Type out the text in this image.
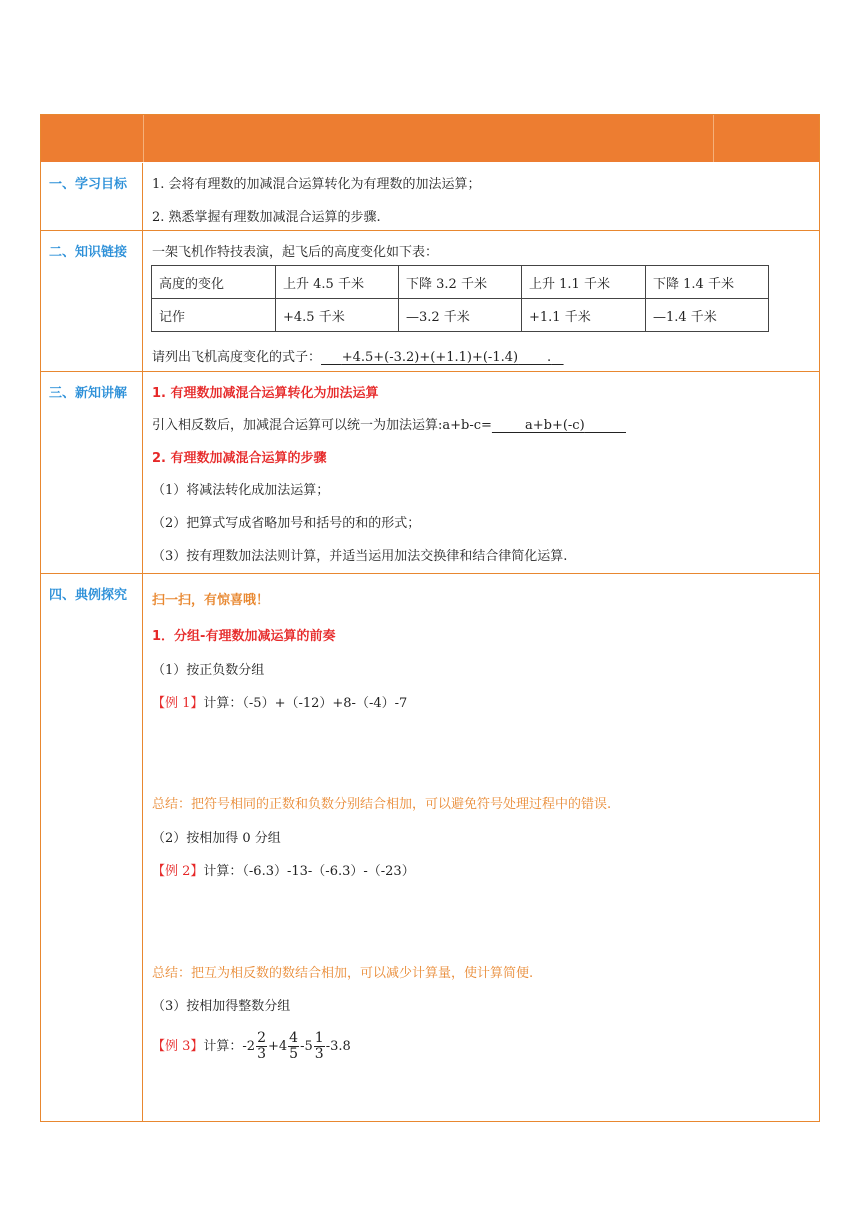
一、学习目标	1. 会将有理数的加减混合运算转化为有理数的加法运算；
2. 熟悉掌握有理数加减混合运算的步骤.
二、知识链接	一架飞机作特技表演，起飞后的高度变化如下表：
高度的变化	上升 4.5 千米	下降 3.2 千米	上升 1.1 千米	下降 1.4 千米
记作	+4.5 千米	—3.2 千米	+1.1 千米	—1.4 千米
请列出飞机高度变化的式子： +4.5+(-3.2)+(+1.1)+(-1.4) .
三、新知讲解	1. 有理数加减混合运算转化为加法运算
引入相反数后，加减混合运算可以统一为加法运算:a+b-c=	a+b+(-c)
2. 有理数加减混合运算的步骤
（1）将减法转化成加法运算；
（2）把算式写成省略加号和括号的和的形式；
（3）按有理数加法法则计算，并适当运用加法交换律和结合律简化运算.
四、典例探究	扫一扫，有惊喜哦！
1．分组-有理数加减运算的前奏
（1）按正负数分组
【例 1】计算：（-5）+（-12）+8-（-4）-7
总结：把符号相同的正数和负数分别结合相加，可以避免符号处理过程中的错误.
（2）按相加得 0 分组
【例 2】计算：（-6.3）-13-（-6.3）-（-23）
总结：把互为相反数的数结合相加，可以减少计算量，使计算简便.
（3）按相加得整数分组
【例 3】计算：$-2 \frac{2}{3} +4 \frac{4}{5} -5 \frac{1}{3} -3.8$
